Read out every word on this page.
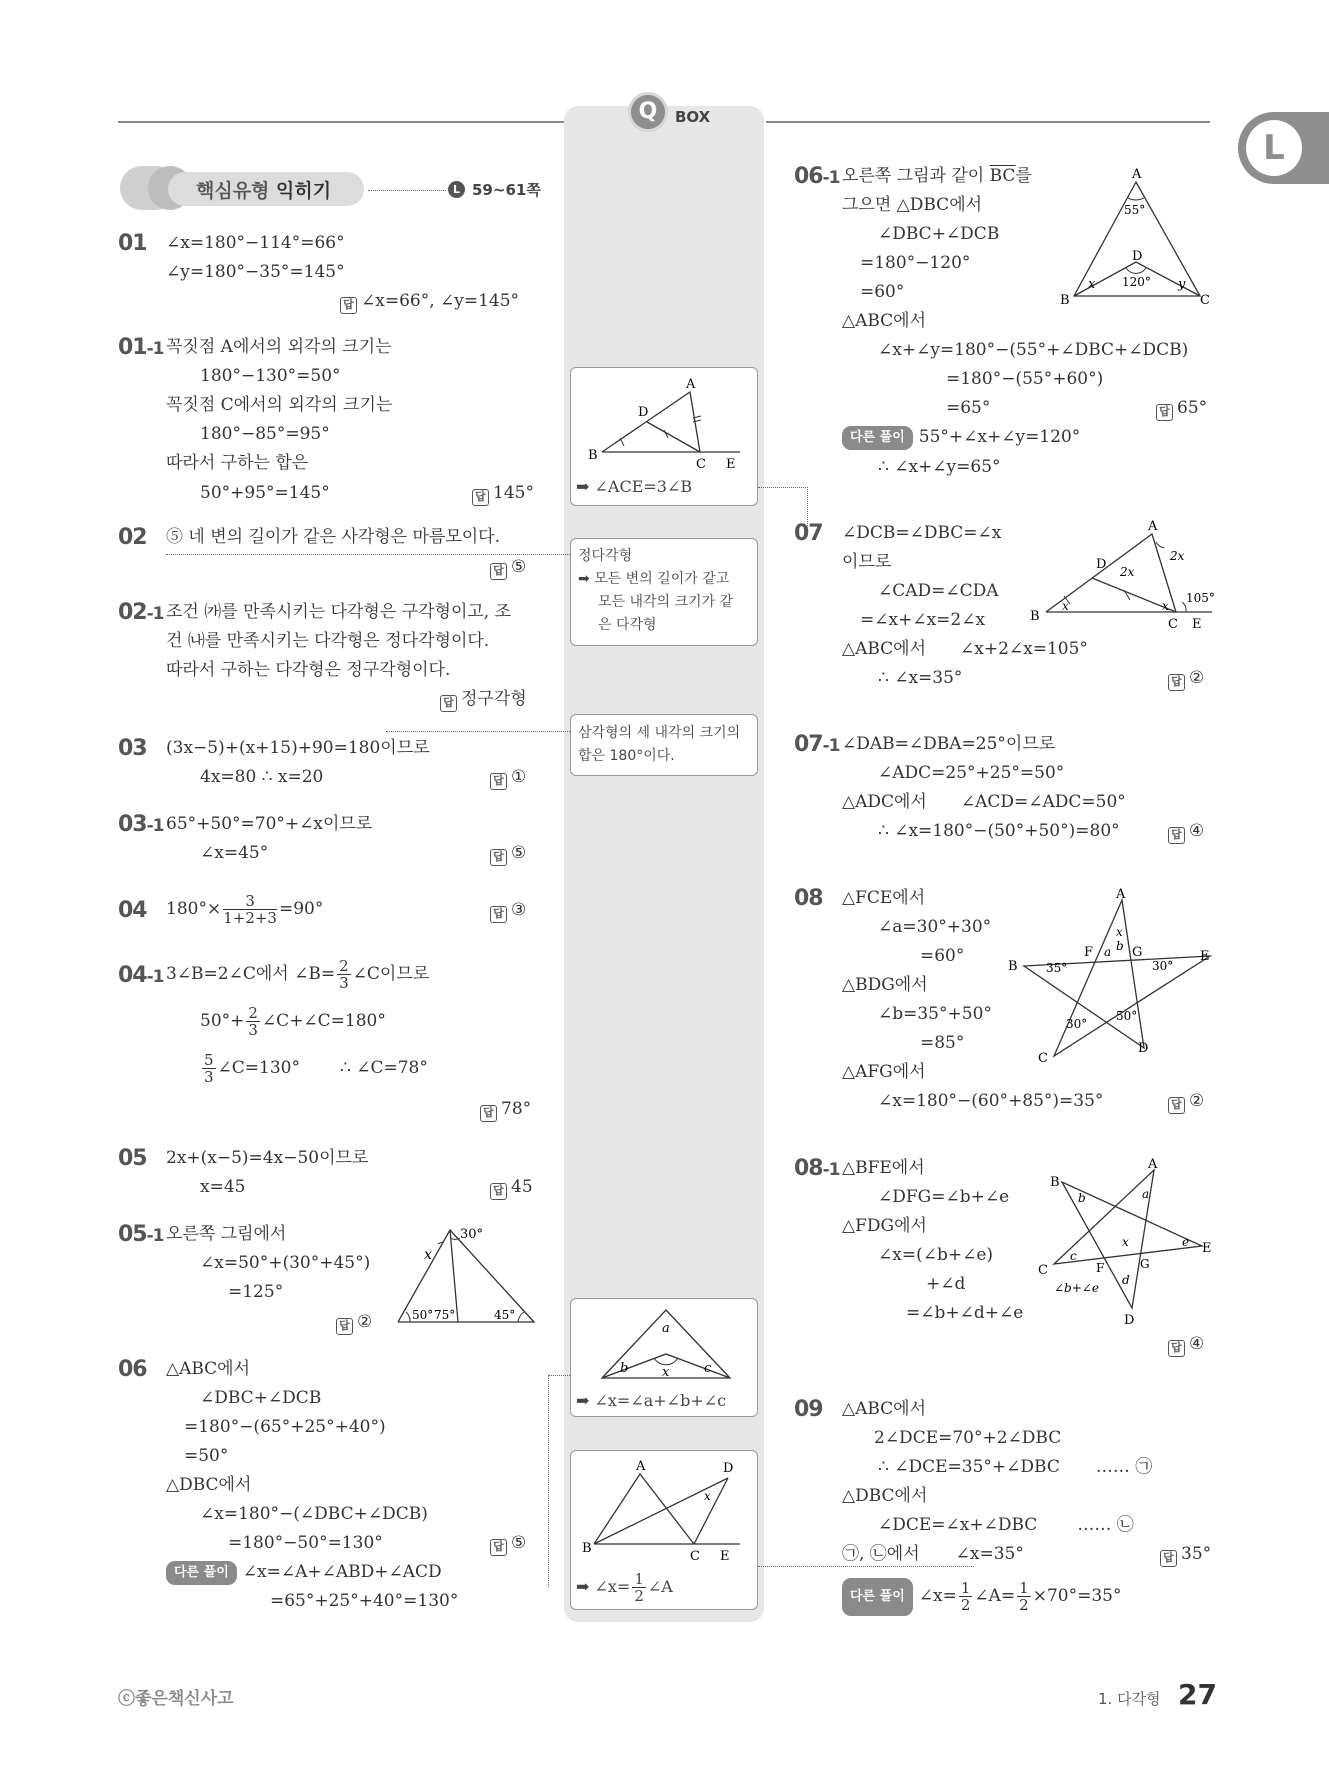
Q	BOX
L
핵심유형 익히기	L 59~61쪽
01 ∠x=180°−114°=66°
∠y=180°−35°=145°
답 ∠x=66°, ∠y=145°
01-1 꼭짓점 A에서의 외각의 크기는
180°−130°=50°
꼭짓점 C에서의 외각의 크기는
180°−85°=95°
따라서 구하는 합은
50°+95°=145°	답 145°
02 ⑤ 네 변의 길이가 같은 사각형은 마름모이다.
답 ⑤
02-1 조건 ㈎를 만족시키는 다각형은 구각형이고, 조
건 ㈏를 만족시키는 다각형은 정다각형이다.
따라서 구하는 다각형은 정구각형이다.
답 정구각형
03 (3x−5)+(x+15)+90=180이므로
4x=80 ∴ x=20	답 ①
03-1 65°+50°=70°+∠x이므로
∠x=45°	답 ⑤
04 $180^\circ\times \frac{3}{1+2+3} =90^\circ$	답 ③
04-1 3∠B=2∠C에서 ∠B= $\frac{2}{3}$ ∠C이므로
$50^\circ+ \frac{2}{3}$ ∠C+∠C=180°
$\frac{5}{3}$ ∠C=130° ∴ ∠C=78°
답 78°
05 2x+(x−5)=4x−50이므로
x=45	답 45
05-1 오른쪽 그림에서
∠x=50°+(30°+45°)
=125°
답 ②
30°
x
50° 75°	45°
06 △ABC에서
∠DBC+∠DCB
=180°−(65°+25°+40°)
=50°
△DBC에서
∠x=180°−(∠DBC+∠DCB)
=180°−50°=130°	답 ⑤
다른 풀이 ∠x=∠A+∠ABD+∠ACD
=65°+25°+40°=130°
A
B
C
D
E
➡ ∠ACE=3∠B
정다각형
➡ 모든 변의 길이가 같고
모든 내각의 크기가 같
은 다각형
삼각형의 세 내각의 크기의
합은 180°이다.
a
b	c
x
➡ ∠x=∠a+∠b+∠c
A
B
C
D
E
x
➡ ∠x= $\frac{1}{2}$ ∠A
06-1 오른쪽 그림과 같이 $\overline{BC}$를
그으면 △DBC에서
∠DBC+∠DCB
=180°−120°
=60°
△ABC에서
∠x+∠y=180°−(55°+∠DBC+∠DCB)
=180°−(55°+60°)
=65°	답 65°
다른 풀이 55°+∠x+∠y=120°
∴ ∠x+∠y=65°
A
B	C
D
55°
120°
x	y
07 ∠DCB=∠DBC=∠x
이므로
∠CAD=∠CDA
=∠x+∠x=2∠x
△ABC에서 ∠x+2∠x=105°
∴ ∠x=35°	답 ②
A
B
C
D
E
2x
2x
x	x
105°
07-1 ∠DAB=∠DBA=25°이므로
∠ADC=25°+25°=50°
△ADC에서 ∠ACD=∠ADC=50°
∴ ∠x=180°−(50°+50°)=80°	답 ④
08 △FCE에서
∠a=30°+30°
=60°
△BDG에서
∠b=35°+50°
=85°
△AFG에서
∠x=180°−(60°+85°)=35°	답 ②
A
B
C
D
E
F	G
a b
x
35°	30°
30°
50°
08-1 △BFE에서
∠DFG=∠b+∠e
△FDG에서
∠x=(∠b+∠e)
+∠d
=∠b+∠d+∠e
답 ④
A
B
C
D
E
F	G
a
b
c
d
e
x
∠b+∠e
09 △ABC에서
2∠DCE=70°+2∠DBC
∴ ∠DCE=35°+∠DBC …… ㉠
△DBC에서
∠DCE=∠x+∠DBC …… ㉡
㉠, ㉡에서 ∠x=35°	답 35°
다른 풀이 ∠x= $\frac{1}{2}$ ∠A= $\frac{1}{2} \times 70^\circ=35^\circ$
ⓒ좋은책신사고	1. 다각형 27
